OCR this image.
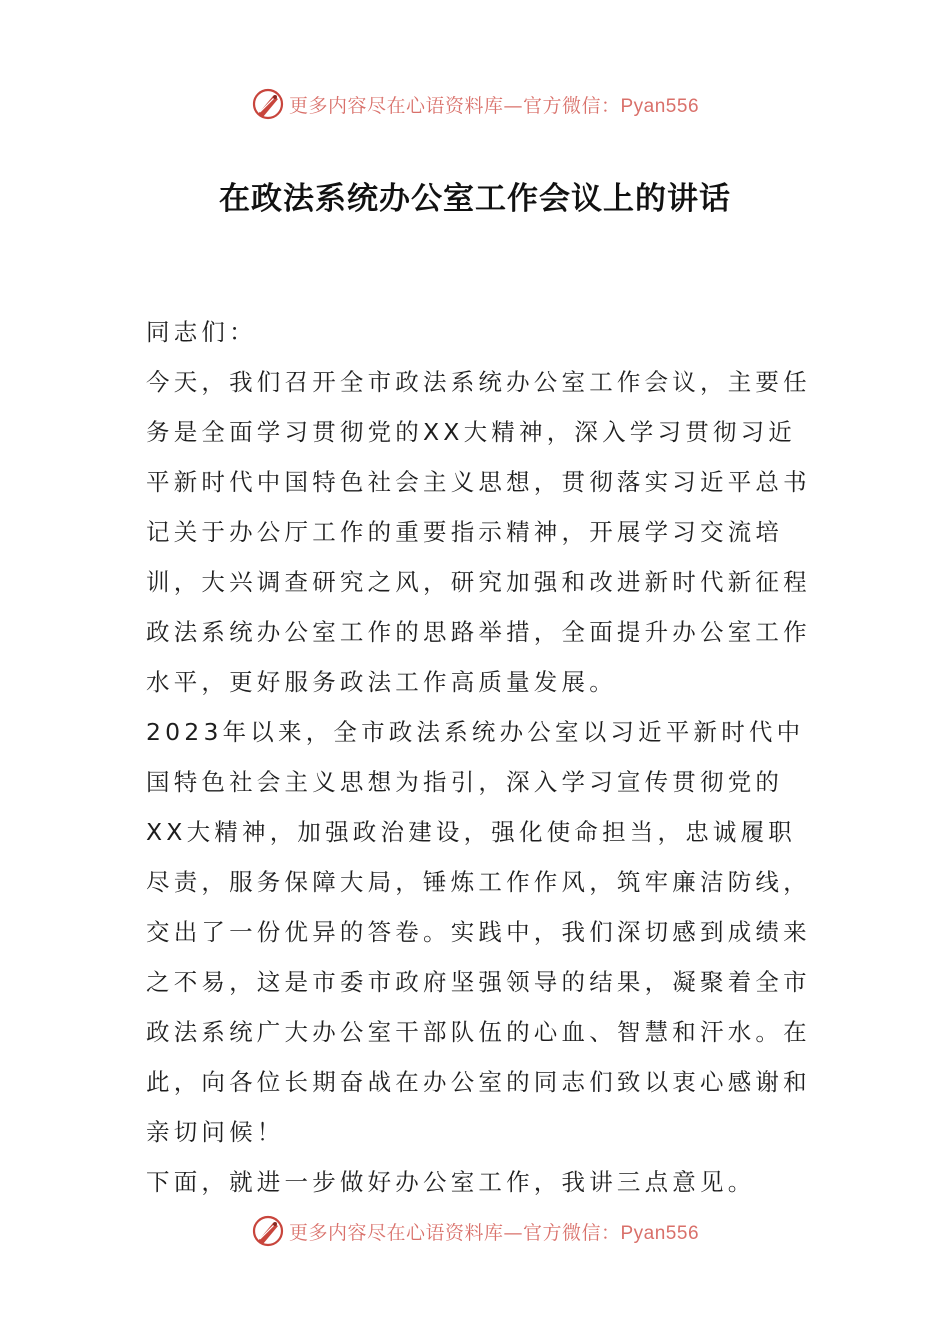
更多内容尽在心语资料库—官方微信：Pyan556
在政法系统办公室工作会议上的讲话

同志们：

今天，我们召开全市政法系统办公室工作会议，主要任务是全面学习贯彻党的XX大精神，深入学习贯彻习近平新时代中国特色社会主义思想，贯彻落实习近平总书记关于办公厅工作的重要指示精神，开展学习交流培训，大兴调查研究之风，研究加强和改进新时代新征程政法系统办公室工作的思路举措，全面提升办公室工作水平，更好服务政法工作高质量发展。

2023年以来，全市政法系统办公室以习近平新时代中国特色社会主义思想为指引，深入学习宣传贯彻党的XX大精神，加强政治建设，强化使命担当，忠诚履职尽责，服务保障大局，锤炼工作作风，筑牢廉洁防线，交出了一份优异的答卷。实践中，我们深切感到成绩来之不易，这是市委市政府坚强领导的结果，凝聚着全市政法系统广大办公室干部队伍的心血、智慧和汗水。在此，向各位长期奋战在办公室的同志们致以衷心感谢和亲切问候！

下面，就进一步做好办公室工作，我讲三点意见。

更多内容尽在心语资料库—官方微信：Pyan556
